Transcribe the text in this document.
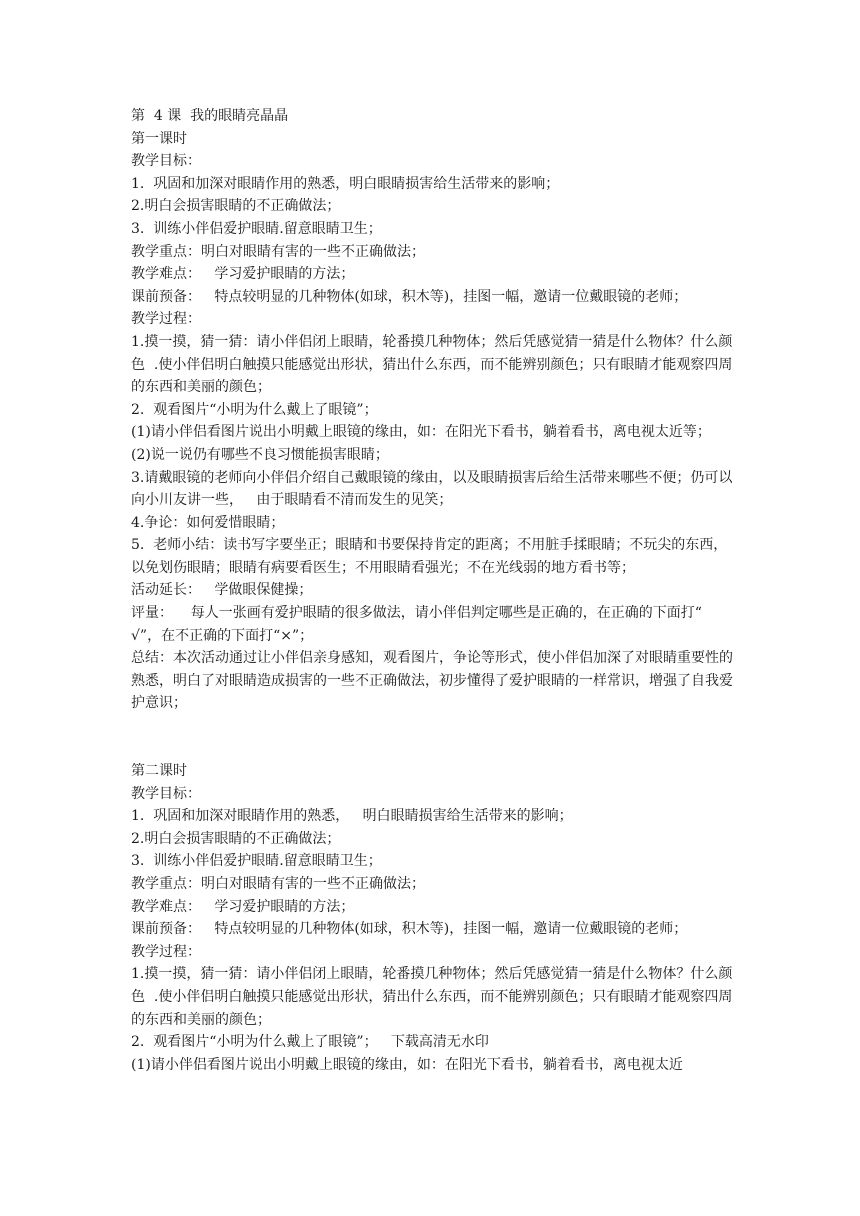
第  4 课  我的眼睛亮晶晶

第一课时

教学目标：

1.  巩固和加深对眼睛作用的熟悉，明白眼睛损害给生活带来的影响；

2.明白会损害眼睛的不正确做法；

3.  训练小伴侣爱护眼睛.留意眼睛卫生；

教学重点：明白对眼睛有害的一些不正确做法；

教学难点：   学习爱护眼睛的方法；

课前预备：   特点较明显的几种物体(如球，积木等)，挂图一幅，邀请一位戴眼镜的老师；

教学过程：

1.摸一摸，猜一猜：请小伴侣闭上眼睛，轮番摸几种物体；然后凭感觉猜一猜是什么物体？什么颜色  .使小伴侣明白触摸只能感觉出形状，猜出什么东西，而不能辨别颜色；只有眼睛才能观察四周的东西和美丽的颜色；

2.  观看图片“小明为什么戴上了眼镜”；

(1)请小伴侣看图片说出小明戴上眼镜的缘由，如：在阳光下看书，躺着看书，离电视太近等；

(2)说一说仍有哪些不良习惯能损害眼睛；

3.请戴眼镜的老师向小伴侣介绍自己戴眼镜的缘由，以及眼睛损害后给生活带来哪些不便；仍可以向小川友讲一些，   由于眼睛看不清而发生的见笑；

4.争论：如何爱惜眼睛；

5.  老师小结：读书写字要坐正；眼睛和书要保持肯定的距离；不用脏手揉眼睛；不玩尖的东西，以免划伤眼睛；眼睛有病要看医生；不用眼睛看强光；不在光线弱的地方看书等；

活动延长：   学做眼保健操；

评量：    每人一张画有爱护眼睛的很多做法，请小伴侣判定哪些是正确的，在正确的下面打“ √”，在不正确的下面打“×”；

总结：本次活动通过让小伴侣亲身感知，观看图片，争论等形式，使小伴侣加深了对眼睛重要性的熟悉，明白了对眼睛造成损害的一些不正确做法，初步懂得了爱护眼睛的一样常识，增强了自我爱护意识；

第二课时

教学目标：

1.  巩固和加深对眼睛作用的熟悉，   明白眼睛损害给生活带来的影响；

2.明白会损害眼睛的不正确做法；

3.  训练小伴侣爱护眼睛.留意眼睛卫生；

教学重点：明白对眼睛有害的一些不正确做法；

教学难点：   学习爱护眼睛的方法；

课前预备：   特点较明显的几种物体(如球，积木等)，挂图一幅，邀请一位戴眼镜的老师；

教学过程：

1.摸一摸，猜一猜：请小伴侣闭上眼睛，轮番摸几种物体；然后凭感觉猜一猜是什么物体？什么颜色  .使小伴侣明白触摸只能感觉出形状，猜出什么东西，而不能辨别颜色；只有眼睛才能观察四周的东西和美丽的颜色；

2.  观看图片“小明为什么戴上了眼镜”；   下载高清无水印

(1)请小伴侣看图片说出小明戴上眼镜的缘由，如：在阳光下看书，躺着看书，离电视太近
